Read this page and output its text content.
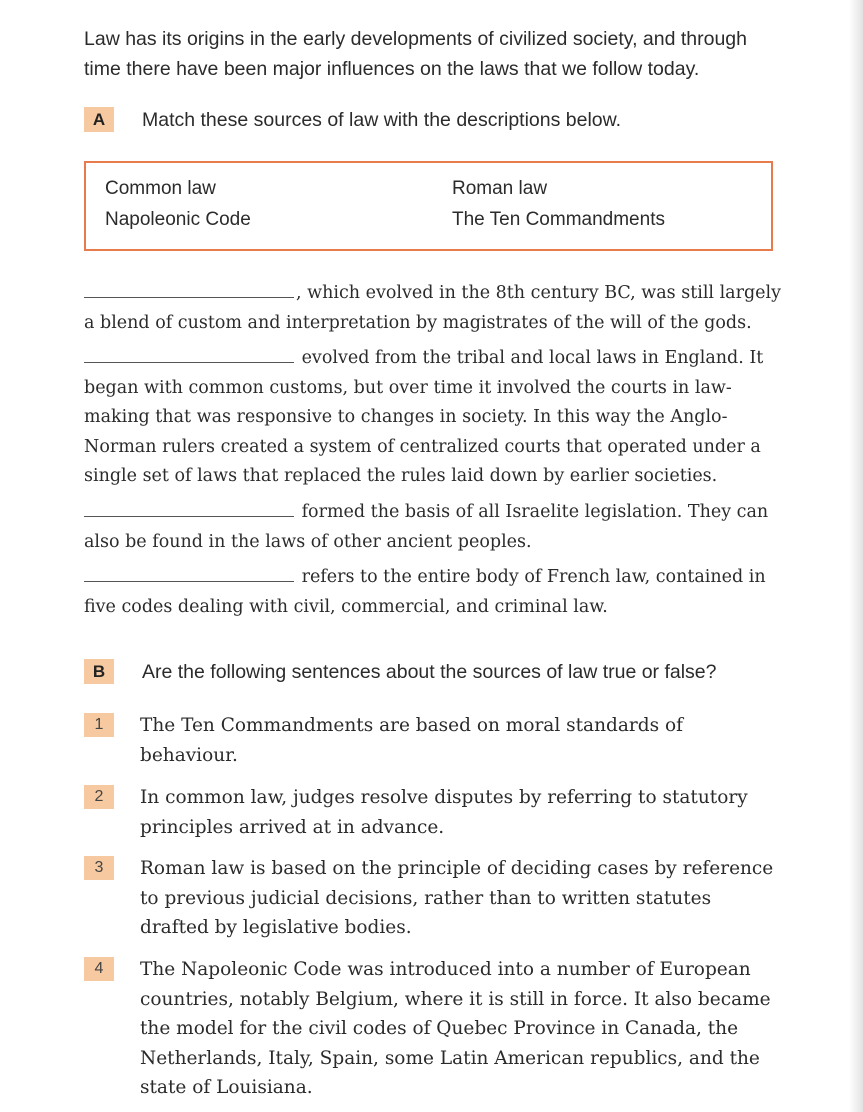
Law has its origins in the early developments of civilized society, and through time there have been major influences on the laws that we follow today.
A	Match these sources of law with the descriptions below.
Common law	Roman law
Napoleonic Code	The Ten Commandments
, which evolved in the 8th century BC, was still largely a blend of custom and interpretation by magistrates of the will of the gods.
evolved from the tribal and local laws in England. It began with common customs, but over time it involved the courts in law-making that was responsive to changes in society. In this way the Anglo-Norman rulers created a system of centralized courts that operated under a single set of laws that replaced the rules laid down by earlier societies.
formed the basis of all Israelite legislation. They can also be found in the laws of other ancient peoples.
refers to the entire body of French law, contained in five codes dealing with civil, commercial, and criminal law.
B	Are the following sentences about the sources of law true or false?
1	The Ten Commandments are based on moral standards of behaviour.
2	In common law, judges resolve disputes by referring to statutory principles arrived at in advance.
3	Roman law is based on the principle of deciding cases by reference to previous judicial decisions, rather than to written statutes drafted by legislative bodies.
4	The Napoleonic Code was introduced into a number of European countries, notably Belgium, where it is still in force. It also became the model for the civil codes of Quebec Province in Canada, the Netherlands, Italy, Spain, some Latin American republics, and the state of Louisiana.
